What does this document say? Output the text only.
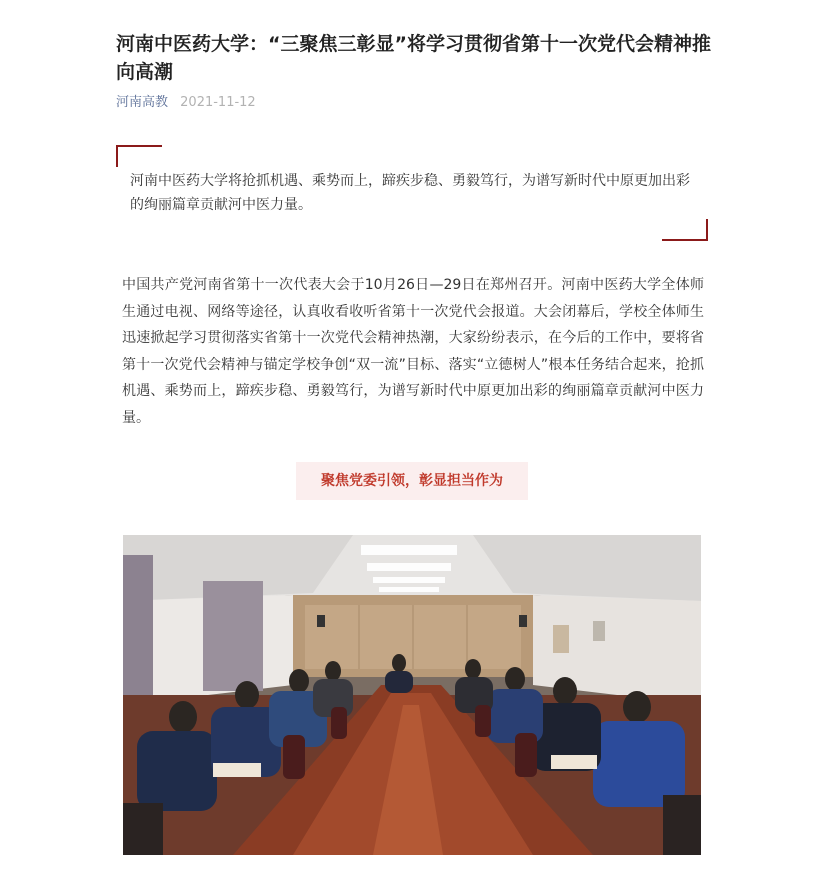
河南中医药大学：“三聚焦三彰显”将学习贯彻省第十一次党代会精神推向高潮
河南高教 2021-11-12

河南中医药大学将抢抓机遇、乘势而上，蹄疾步稳、勇毅笃行，为谱写新时代中原更加出彩的绚丽篇章贡献河中医力量。

中国共产党河南省第十一次代表大会于10月26日—29日在郑州召开。河南中医药大学全体师生通过电视、网络等途径，认真收看收听省第十一次党代会报道。大会闭幕后，学校全体师生迅速掀起学习贯彻落实省第十一次党代会精神热潮，大家纷纷表示，在今后的工作中，要将省第十一次党代会精神与锚定学校争创“双一流”目标、落实“立德树人”根本任务结合起来，抢抓机遇、乘势而上，蹄疾步稳、勇毅笃行，为谱写新时代中原更加出彩的绚丽篇章贡献河中医力量。

聚焦党委引领，彰显担当作为
